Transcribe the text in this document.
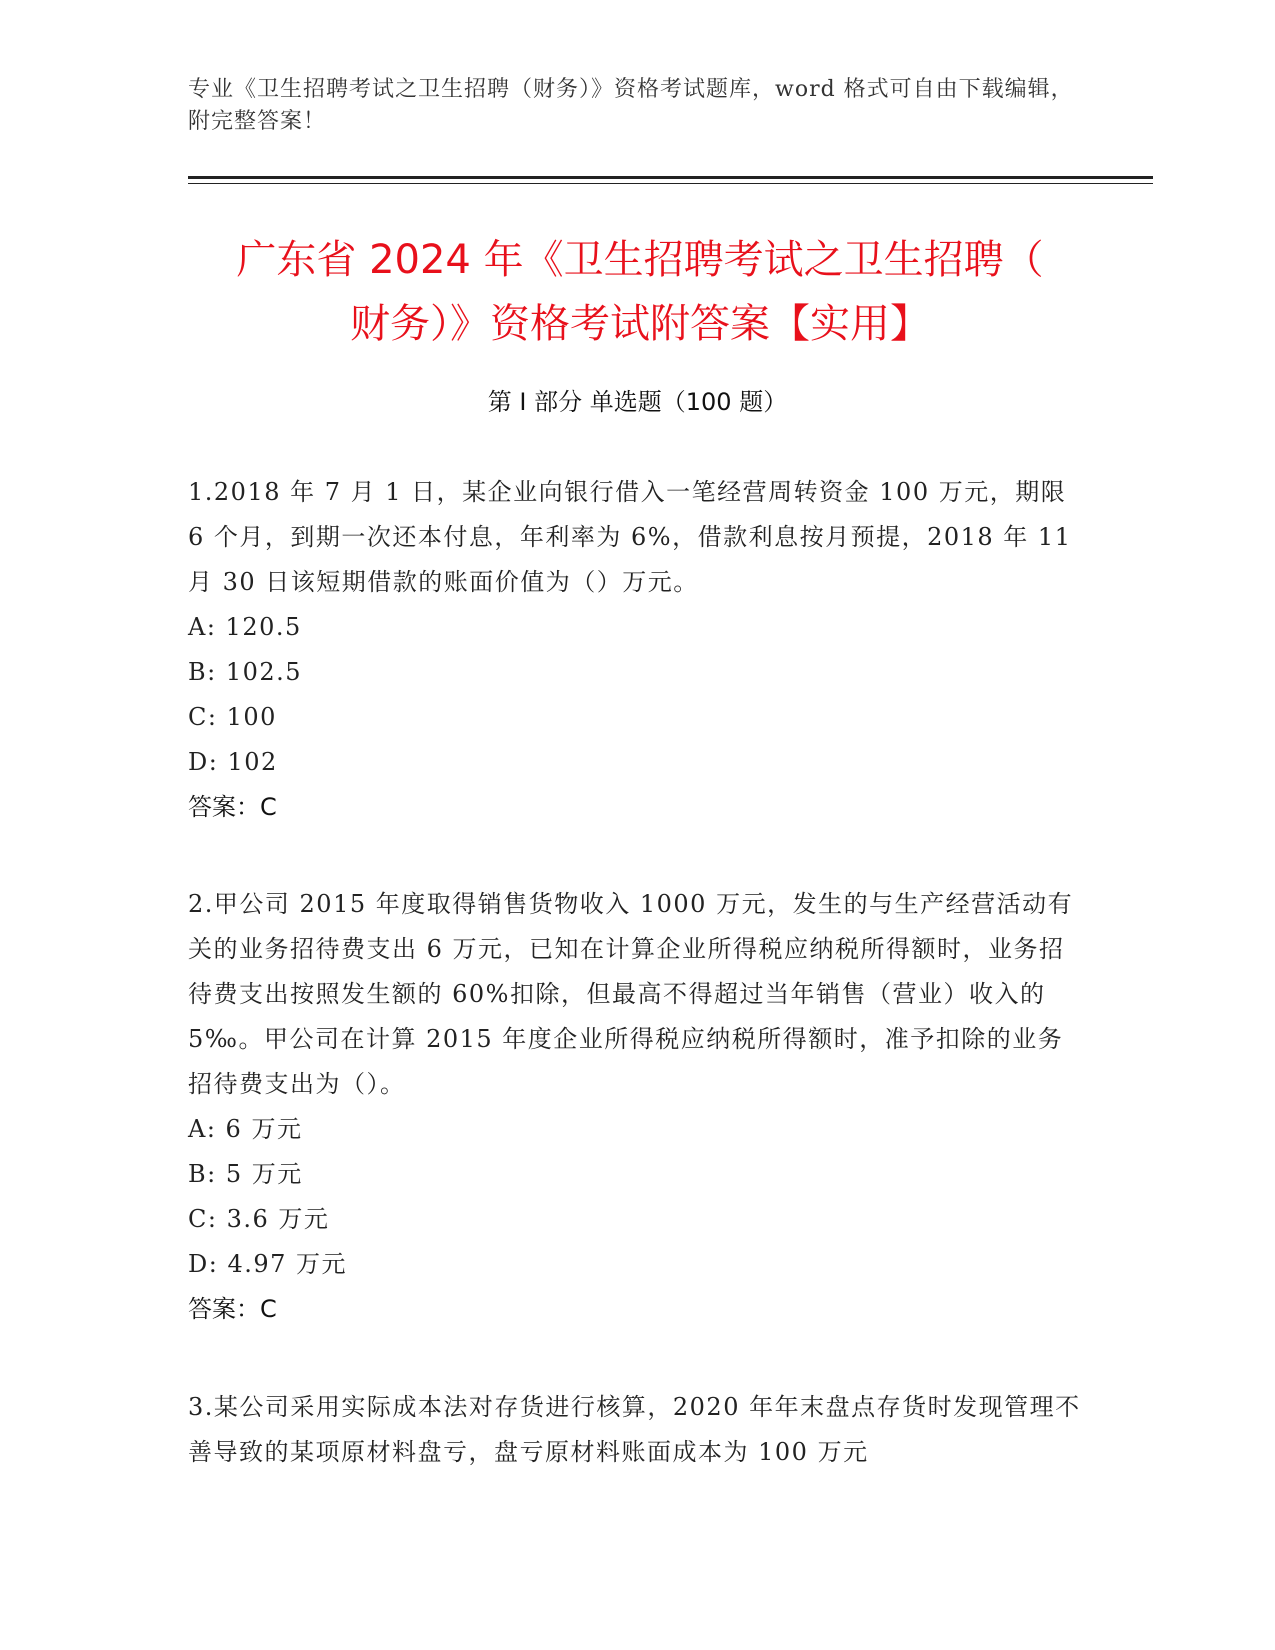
专业《卫生招聘考试之卫生招聘（财务）》资格考试题库，word 格式可自由下载编辑，附完整答案！
广东省 2024 年《卫生招聘考试之卫生招聘（
财务）》资格考试附答案【实用】
第 I 部分 单选题（100 题）
1.2018 年 7 月 1 日，某企业向银行借入一笔经营周转资金 100 万元，期限 6 个月，到期一次还本付息，年利率为 6%，借款利息按月预提，2018 年 11 月 30 日该短期借款的账面价值为（）万元。
A: 120.5
B: 102.5
C: 100
D: 102
答案：C
2.甲公司 2015 年度取得销售货物收入 1000 万元，发生的与生产经营活动有关的业务招待费支出 6 万元，已知在计算企业所得税应纳税所得额时，业务招待费支出按照发生额的 60%扣除，但最高不得超过当年销售（营业）收入的 5‰。甲公司在计算 2015 年度企业所得税应纳税所得额时，准予扣除的业务招待费支出为（）。
A: 6 万元
B: 5 万元
C: 3.6 万元
D: 4.97 万元
答案：C
3.某公司采用实际成本法对存货进行核算，2020 年年末盘点存货时发现管理不善导致的某项原材料盘亏，盘亏原材料账面成本为 100 万元
